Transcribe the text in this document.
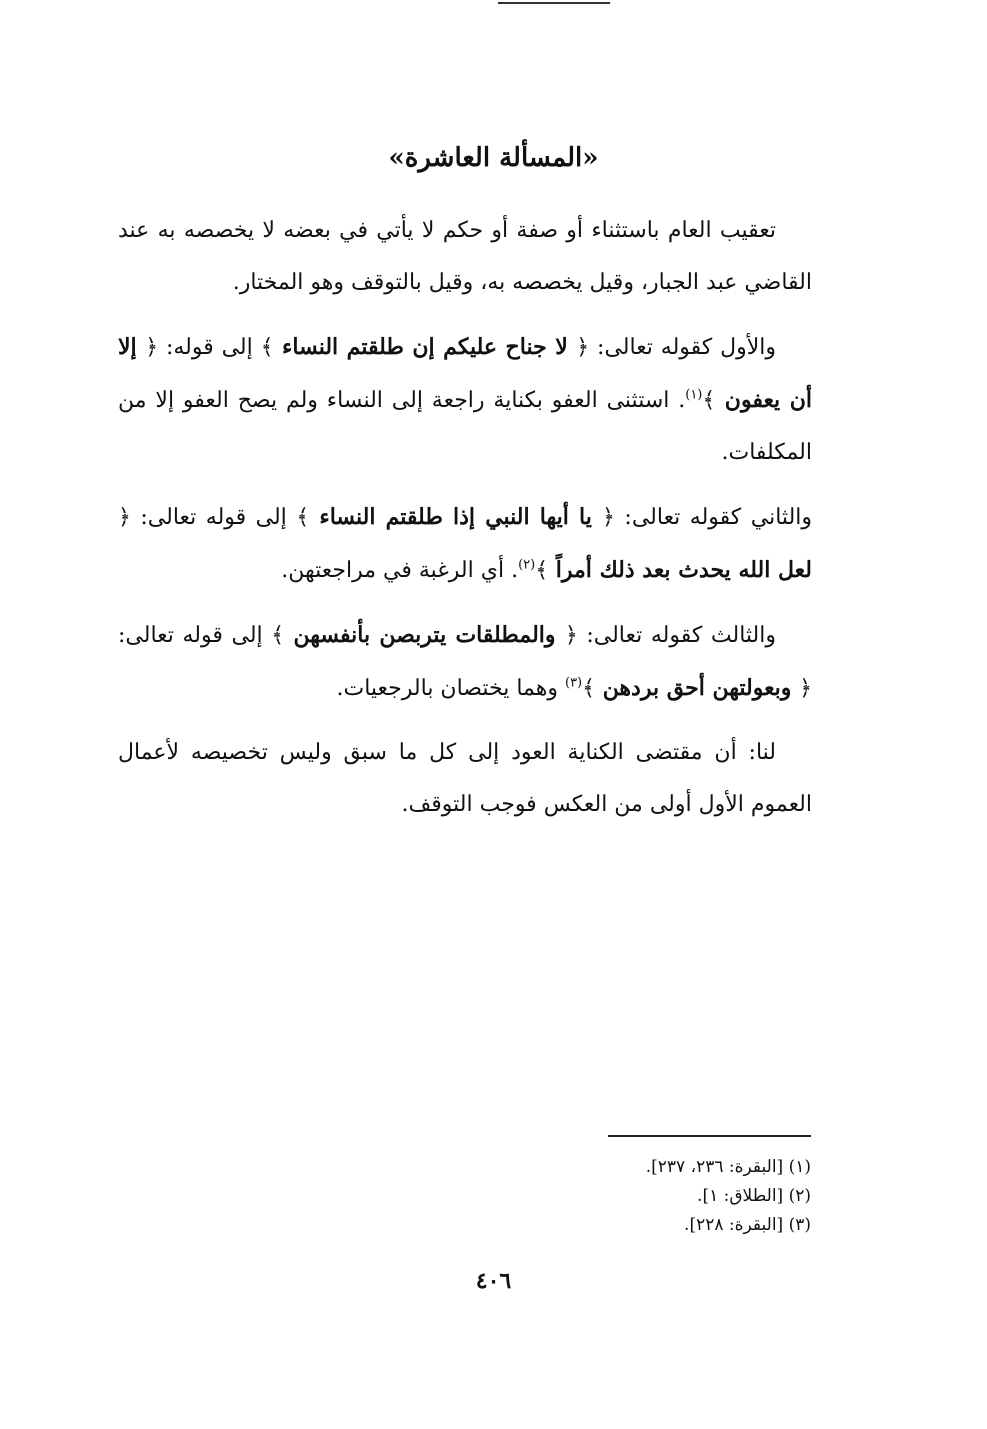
«المسألة العاشرة»

تعقيب العام باستثناء أو صفة أو حكم لا يأتي في بعضه لا يخصصه به عند القاضي عبد الجبار، وقيل يخصصه به، وقيل بالتوقف وهو المختار.

والأول كقوله تعالى: ﴿ لا جناح عليكم إن طلقتم النساء ﴾ إلى قوله: ﴿ إلا أن يعفون ﴾$^{(١)}$. استثنى العفو بكناية راجعة إلى النساء ولم يصح العفو إلا من المكلفات.

والثاني كقوله تعالى: ﴿ يا أيها النبي إذا طلقتم النساء ﴾ إلى قوله تعالى: ﴿ لعل الله يحدث بعد ذلك أمراً ﴾$^{(٢)}$. أي الرغبة في مراجعتهن.

والثالث كقوله تعالى: ﴿ والمطلقات يتربصن بأنفسهن ﴾ إلى قوله تعالى: ﴿ وبعولتهن أحق بردهن ﴾$^{(٣)}$ وهما يختصان بالرجعيات.

لنا: أن مقتضى الكناية العود إلى كل ما سبق وليس تخصيصه لأعمال العموم الأول أولى من العكس فوجب التوقف.

(١) [البقرة: ٢٣٦، ٢٣٧].

(٢) [الطلاق: ١].

(٣) [البقرة: ٢٢٨].

٤٠٦
